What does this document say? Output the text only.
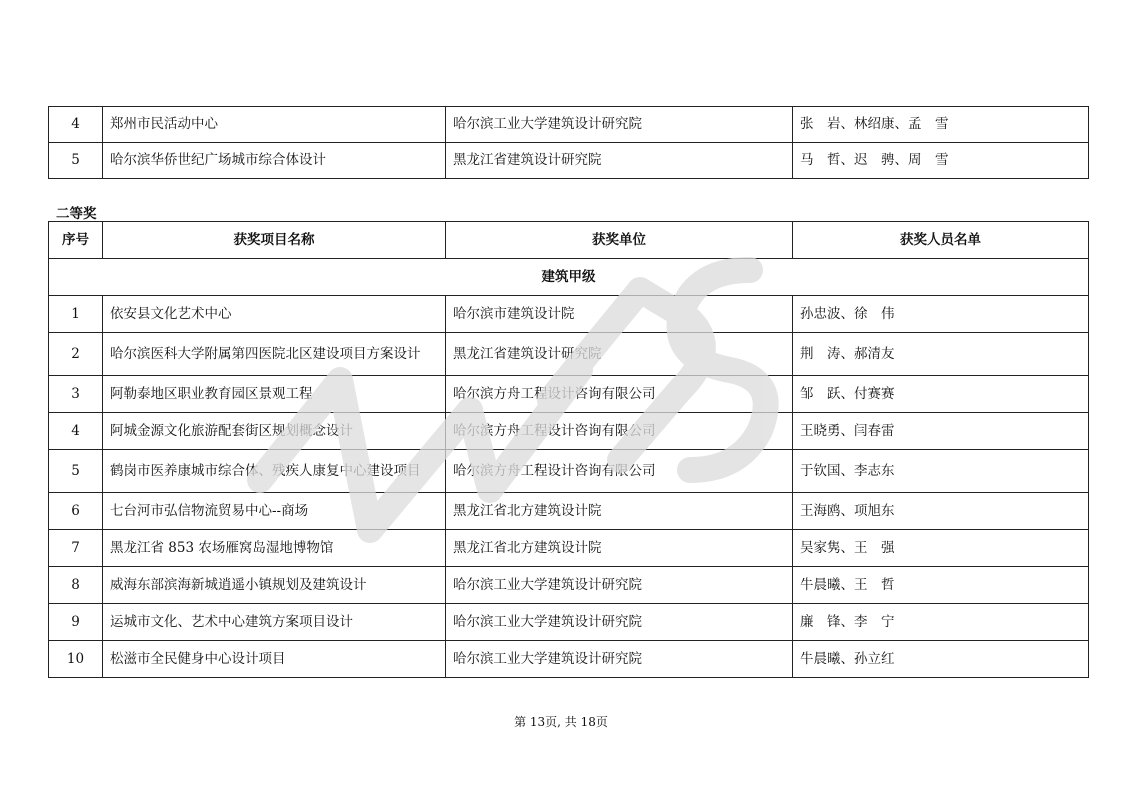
4	郑州市民活动中心	哈尔滨工业大学建筑设计研究院	张　岩、林绍康、孟　雪
5	哈尔滨华侨世纪广场城市综合体设计	黑龙江省建筑设计研究院	马　哲、迟　骋、周　雪
二等奖
序号	获奖项目名称	获奖单位	获奖人员名单
建筑甲级			
1	依安县文化艺术中心	哈尔滨市建筑设计院	孙忠波、徐　伟
2	哈尔滨医科大学附属第四医院北区建设项目方案设计	黑龙江省建筑设计研究院	荆　涛、郝清友
3	阿勒泰地区职业教育园区景观工程	哈尔滨方舟工程设计咨询有限公司	邹　跃、付赛赛
4	阿城金源文化旅游配套街区规划概念设计	哈尔滨方舟工程设计咨询有限公司	王晓勇、闫春雷
5	鹤岗市医养康城市综合体、残疾人康复中心建设项目	哈尔滨方舟工程设计咨询有限公司	于钦国、李志东
6	七台河市弘信物流贸易中心--商场	黑龙江省北方建筑设计院	王海鸥、项旭东
7	黑龙江省 853 农场雁窝岛湿地博物馆	黑龙江省北方建筑设计院	吴家隽、王　强
8	威海东部滨海新城逍遥小镇规划及建筑设计	哈尔滨工业大学建筑设计研究院	牛晨曦、王　哲
9	运城市文化、艺术中心建筑方案项目设计	哈尔滨工业大学建筑设计研究院	廉　锋、李　宁
10	松滋市全民健身中心设计项目	哈尔滨工业大学建筑设计研究院	牛晨曦、孙立红
第 13页, 共 18页
